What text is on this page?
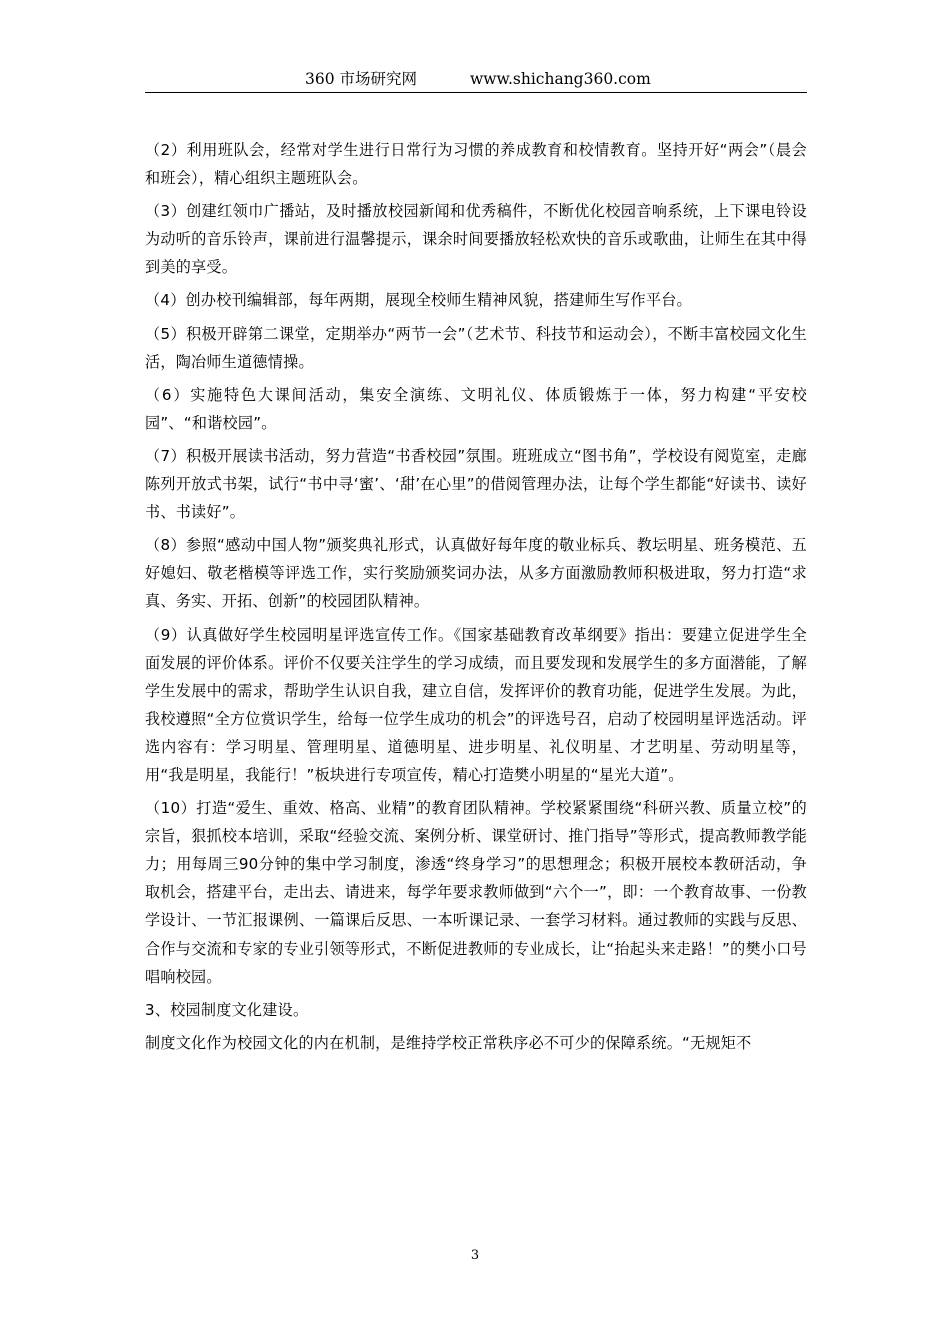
360 市场研究网	www.shichang360.com

（2）利用班队会，经常对学生进行日常行为习惯的养成教育和校情教育。坚持开好“两会”（晨会和班会），精心组织主题班队会。

（3）创建红领巾广播站，及时播放校园新闻和优秀稿件，不断优化校园音响系统，上下课电铃设为动听的音乐铃声，课前进行温馨提示，课余时间要播放轻松欢快的音乐或歌曲，让师生在其中得到美的享受。

（4）创办校刊编辑部，每年两期，展现全校师生精神风貌，搭建师生写作平台。

（5）积极开辟第二课堂，定期举办“两节一会”（艺术节、科技节和运动会），不断丰富校园文化生活，陶冶师生道德情操。

（6）实施特色大课间活动，集安全演练、文明礼仪、体质锻炼于一体，努力构建“平安校园”、“和谐校园”。

（7）积极开展读书活动，努力营造“书香校园”氛围。班班成立“图书角”，学校设有阅览室，走廊陈列开放式书架，试行“书中寻‘蜜’、‘甜’在心里”的借阅管理办法，让每个学生都能“好读书、读好书、书读好”。

（8）参照“感动中国人物”颁奖典礼形式，认真做好每年度的敬业标兵、教坛明星、班务模范、五好媳妇、敬老楷模等评选工作，实行奖励颁奖词办法，从多方面激励教师积极进取，努力打造“求真、务实、开拓、创新”的校园团队精神。

（9）认真做好学生校园明星评选宣传工作。《国家基础教育改革纲要》指出：要建立促进学生全面发展的评价体系。评价不仅要关注学生的学习成绩，而且要发现和发展学生的多方面潜能，了解学生发展中的需求，帮助学生认识自我，建立自信，发挥评价的教育功能，促进学生发展。为此，我校遵照“全方位赏识学生，给每一位学生成功的机会”的评选号召，启动了校园明星评选活动。评选内容有：学习明星、管理明星、道德明星、进步明星、礼仪明星、才艺明星、劳动明星等，用“我是明星，我能行！”板块进行专项宣传，精心打造樊小明星的“星光大道”。

（10）打造“爱生、重效、格高、业精”的教育团队精神。学校紧紧围绕“科研兴教、质量立校”的宗旨，狠抓校本培训，采取“经验交流、案例分析、课堂研讨、推门指导”等形式，提高教师教学能力；用每周三90分钟的集中学习制度，渗透“终身学习”的思想理念；积极开展校本教研活动，争取机会，搭建平台，走出去、请进来，每学年要求教师做到“六个一”，即：一个教育故事、一份教学设计、一节汇报课例、一篇课后反思、一本听课记录、一套学习材料。通过教师的实践与反思、合作与交流和专家的专业引领等形式，不断促进教师的专业成长，让“抬起头来走路！”的樊小口号唱响校园。

3、校园制度文化建设。

制度文化作为校园文化的内在机制，是维持学校正常秩序必不可少的保障系统。“无规矩不

3
